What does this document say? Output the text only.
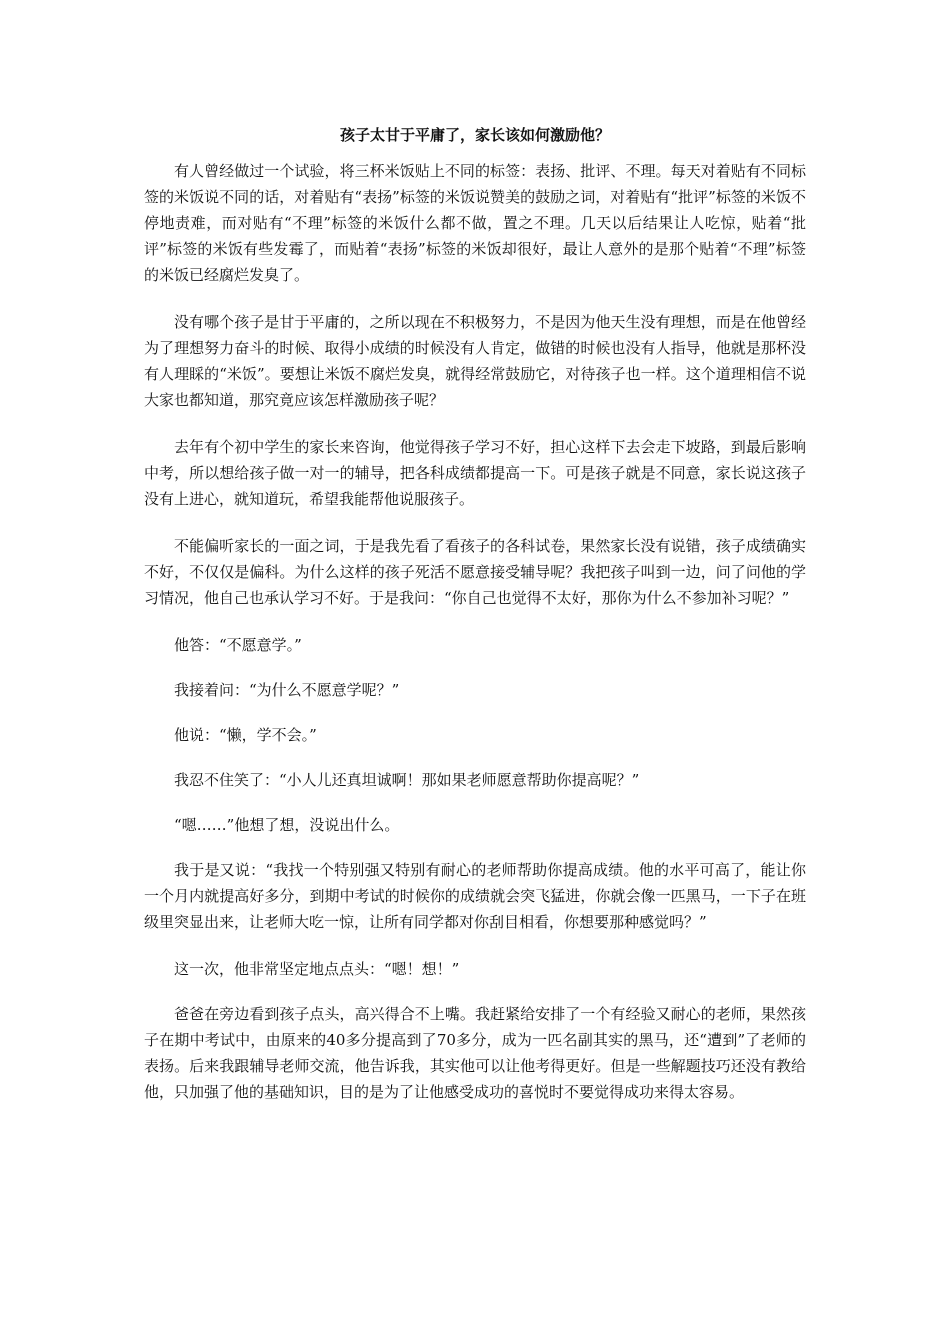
孩子太甘于平庸了，家长该如何激励他？

有人曾经做过一个试验，将三杯米饭贴上不同的标签：表扬、批评、不理。每天对着贴有不同标签的米饭说不同的话，对着贴有“表扬”标签的米饭说赞美的鼓励之词，对着贴有“批评”标签的米饭不停地责难，而对贴有“不理”标签的米饭什么都不做，置之不理。几天以后结果让人吃惊，贴着“批评”标签的米饭有些发霉了，而贴着“表扬”标签的米饭却很好，最让人意外的是那个贴着“不理”标签的米饭已经腐烂发臭了。

没有哪个孩子是甘于平庸的，之所以现在不积极努力，不是因为他天生没有理想，而是在他曾经为了理想努力奋斗的时候、取得小成绩的时候没有人肯定，做错的时候也没有人指导，他就是那杯没有人理睬的“米饭”。要想让米饭不腐烂发臭，就得经常鼓励它，对待孩子也一样。这个道理相信不说大家也都知道，那究竟应该怎样激励孩子呢？

去年有个初中学生的家长来咨询，他觉得孩子学习不好，担心这样下去会走下坡路，到最后影响中考，所以想给孩子做一对一的辅导，把各科成绩都提高一下。可是孩子就是不同意，家长说这孩子没有上进心，就知道玩，希望我能帮他说服孩子。

不能偏听家长的一面之词，于是我先看了看孩子的各科试卷，果然家长没有说错，孩子成绩确实不好，不仅仅是偏科。为什么这样的孩子死活不愿意接受辅导呢？我把孩子叫到一边，问了问他的学习情况，他自己也承认学习不好。于是我问：“你自己也觉得不太好，那你为什么不参加补习呢？”

他答：“不愿意学。”

我接着问：“为什么不愿意学呢？”

他说：“懒，学不会。”

我忍不住笑了：“小人儿还真坦诚啊！那如果老师愿意帮助你提高呢？”

“嗯……”他想了想，没说出什么。

我于是又说：“我找一个特别强又特别有耐心的老师帮助你提高成绩。他的水平可高了，能让你一个月内就提高好多分，到期中考试的时候你的成绩就会突飞猛进，你就会像一匹黑马，一下子在班级里突显出来，让老师大吃一惊，让所有同学都对你刮目相看，你想要那种感觉吗？”

这一次，他非常坚定地点点头：“嗯！想！”

爸爸在旁边看到孩子点头，高兴得合不上嘴。我赶紧给安排了一个有经验又耐心的老师，果然孩子在期中考试中，由原来的40多分提高到了70多分，成为一匹名副其实的黑马，还“遭到”了老师的表扬。后来我跟辅导老师交流，他告诉我，其实他可以让他考得更好。但是一些解题技巧还没有教给他，只加强了他的基础知识，目的是为了让他感受成功的喜悦时不要觉得成功来得太容易。
